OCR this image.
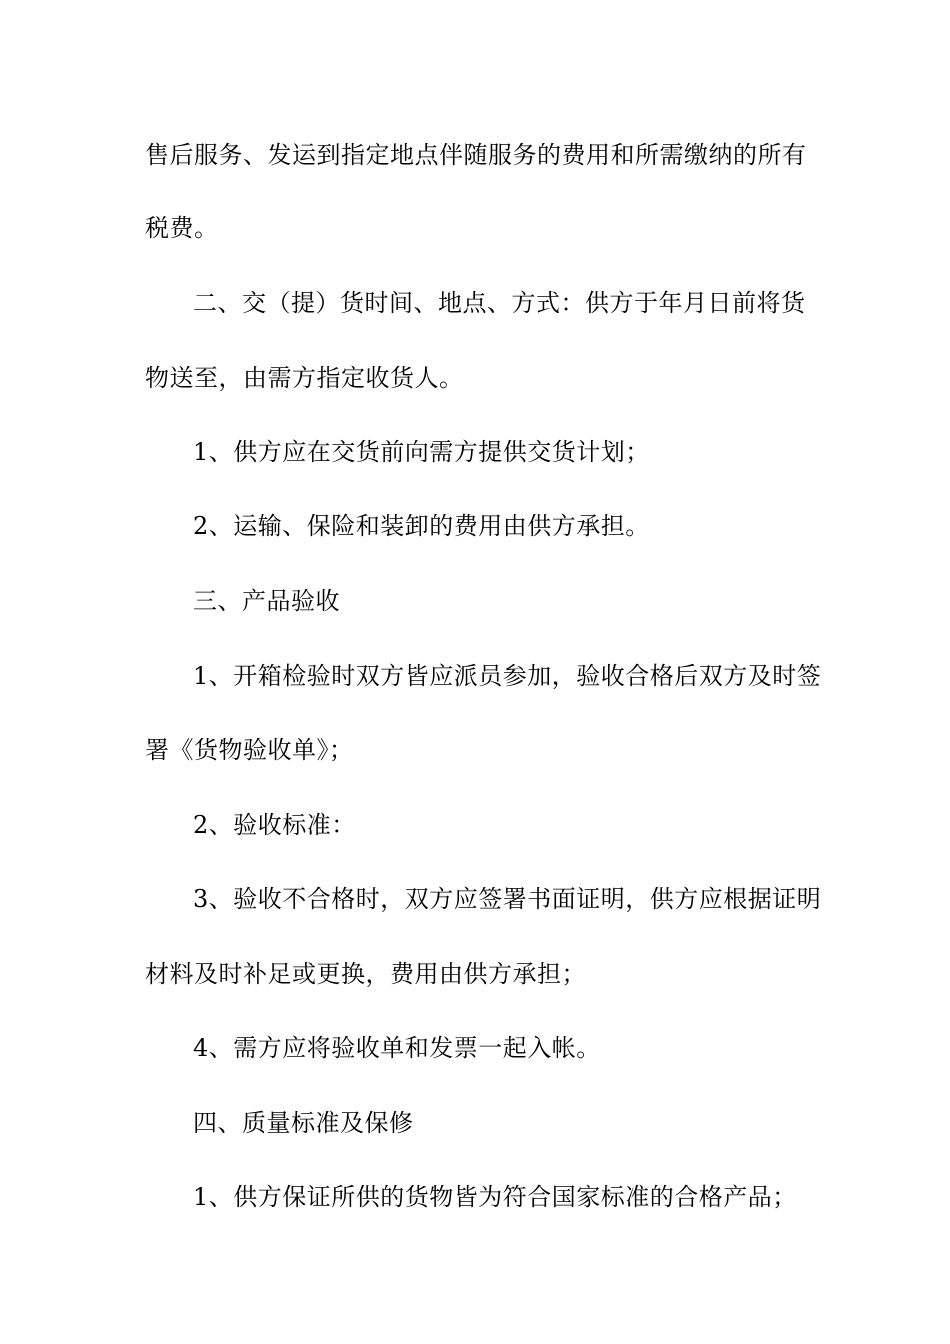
售后服务、发运到指定地点伴随服务的费用和所需缴纳的所有
税费。
二、交（提）货时间、地点、方式：供方于年月日前将货
物送至，由需方指定收货人。
1、供方应在交货前向需方提供交货计划；
2、运输、保险和装卸的费用由供方承担。
三、产品验收
1、开箱检验时双方皆应派员参加，验收合格后双方及时签
署《货物验收单》；
2、验收标准：
3、验收不合格时，双方应签署书面证明，供方应根据证明
材料及时补足或更换，费用由供方承担；
4、需方应将验收单和发票一起入帐。
四、质量标准及保修
1、供方保证所供的货物皆为符合国家标准的合格产品；
